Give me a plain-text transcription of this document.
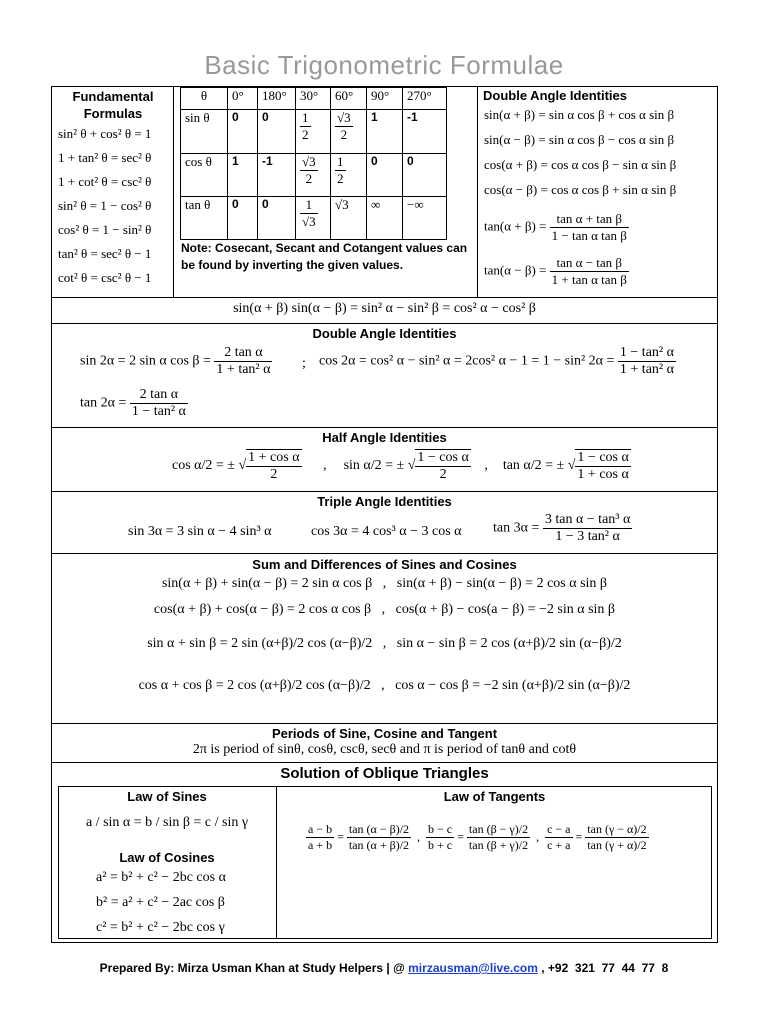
Basic Trigonometric Formulae
Fundamental Formulas
sin² θ + cos² θ = 1
1 + tan² θ = sec² θ
1 + cot² θ = csc² θ
sin² θ = 1 − cos² θ
cos² θ = 1 − sin² θ
tan² θ = sec² θ − 1
cot² θ = csc² θ − 1
θ	0°	180°	30°	60°	90°	270°
sin θ	0	0	$\frac{1}{2}$	$\frac{√3}{2}$	1	-1
cos θ	1	-1	$\frac{√3}{2}$	$\frac{1}{2}$	0	0
tan θ	0	0	$\frac{1}{√3}$	√3	∞	−∞
Note: Cosecant, Secant and Cotangent values can be found by inverting the given values.
Double Angle Identities
sin(α + β) = sin α cos β + cos α sin β
sin(α − β) = sin α cos β − cos α sin β
cos(α + β) = cos α cos β − sin α sin β
cos(α − β) = cos α cos β + sin α sin β
$\tan(\alpha + \beta) = \frac{\text{tan α + tan β}}{\text{1 − tan α tan β}}$
$\tan(\alpha - \beta) = \frac{\text{tan α − tan β}}{\text{1 + tan α tan β}}$
sin(α + β) sin(α − β) = sin² α − sin² β = cos² α − cos² β
Double Angle Identities
sin 2α = 2 sin α $\cos \beta = \frac{\text{2 tan α}}{\text{1 + tan² α}}$ ; cos 2α = cos² α − sin² α = 2cos² α − 1 = 1 − sin² $2\alpha = \frac{\text{1 − tan² α}}{\text{1 + tan² α}}$
$\tan 2\alpha = \frac{\text{2 tan α}}{\text{1 − tan² α}}$
Half Angle Identities
cos α/2 = ± √ $\frac{\text{1 + cos α}}{2}$ ,  sin α/2 = ± √ $\frac{\text{1 − cos α}}{2}$ ,  tan α/2 = ± √ $\frac{\text{1 − cos α}}{\text{1 + cos α}}$
Triple Angle Identities
sin 3α = 3 sin α − 4 sin³ α	cos 3α = 4 cos³ α − 3 cos α $\tan 3\alpha = \frac{\text{3 tan α − tan³ α}}{\text{1 − 3 tan² α}}$
Sum and Differences of Sines and Cosines
sin(α + β) + sin(α − β) = 2 sin α cos β   ,   sin(α + β) − sin(α − β) = 2 cos α sin β
cos(α + β) + cos(α − β) = 2 cos α cos β   ,   cos(α + β) − cos(a − β) = −2 sin α sin β
sin α + sin β = 2 sin (α+β)/2 cos (α−β)/2   ,   sin α − sin β = 2 cos (α+β)/2 sin (α−β)/2
cos α + cos β = 2 cos (α+β)/2 cos (α−β)/2   ,   cos α − cos β = −2 sin (α+β)/2 sin (α−β)/2
Periods of Sine, Cosine and Tangent
2π is period of sinθ, cosθ, cscθ, secθ and π is period of tanθ and cotθ
Solution of Oblique Triangles
Law of Sines
a / sin α = b / sin β = c / sin γ
Law of Cosines
a² = b² + c² − 2bc cos α
b² = a² + c² − 2ac cos β
c² = b² + c² − 2bc cos γ
Law of Tangents
$\frac{a - b}{a + b} = \frac{\tan (\alpha - \beta)/2}{\tan (\alpha + \beta)/2}$ , $\frac{b - c}{b + c} = \frac{\tan (\beta - \gamma)/2}{\tan (\beta + \gamma)/2}$ , $\frac{c - a}{c + a} = \frac{\tan (\gamma - \alpha)/2}{\tan (\gamma + \alpha)/2}$
Prepared By: Mirza Usman Khan at Study Helpers | @ mirzausman@live.com , +92  321  77  44  77  8
